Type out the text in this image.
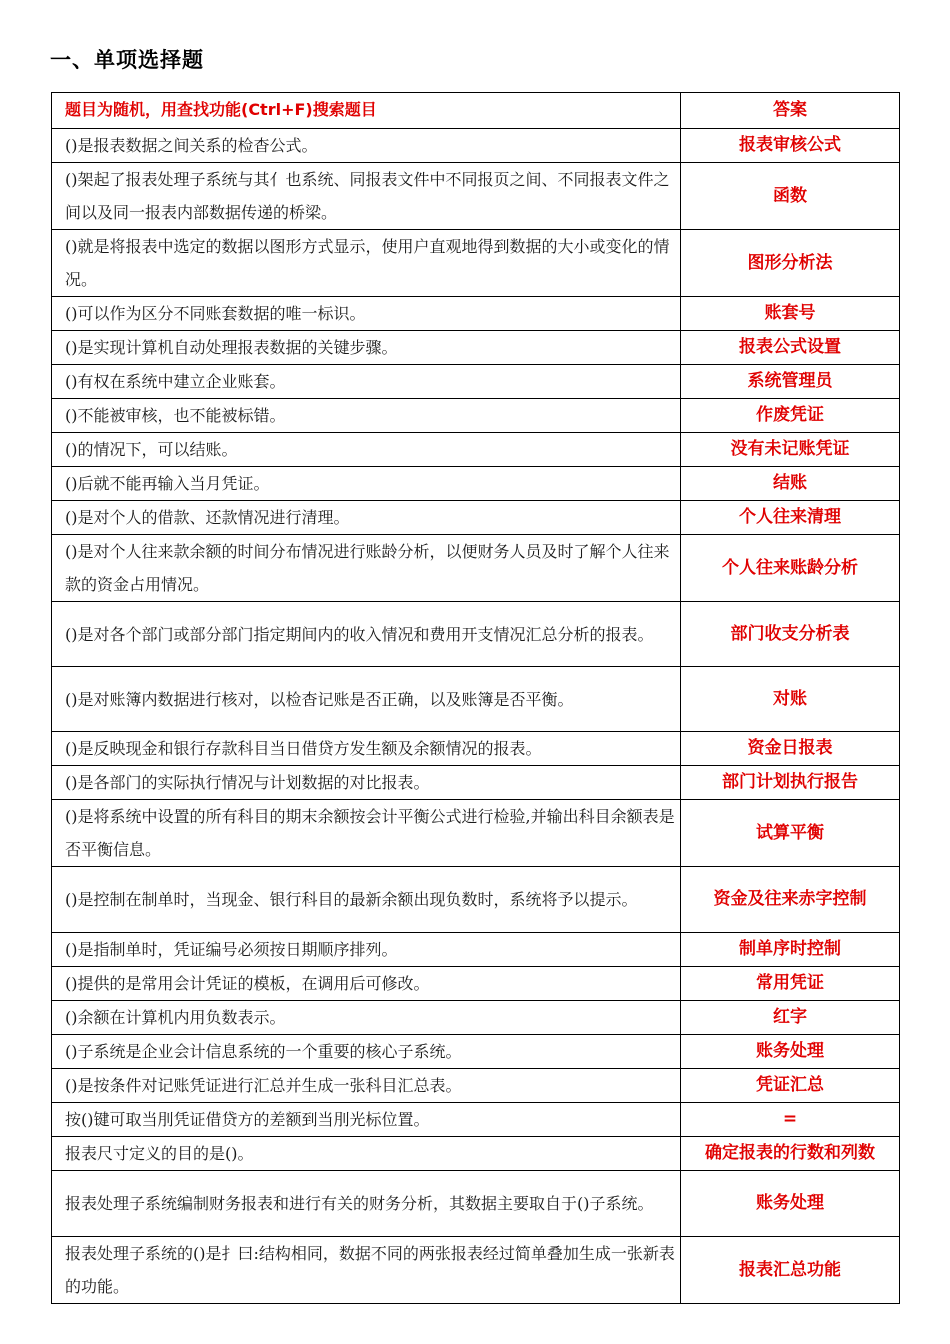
一、单项选择题
题目为随机，用查找功能(Ctrl+F)搜索题目	答案
()是报表数据之间关系的检杳公式。	报表审核公式
()架起了报表处理子系统与其亻也系统、同报表文件中不同报页之间、不同报表文件之间以及同一报表内部数据传递的桥梁。	函数
()就是将报表中选定的数据以图形方式显示，使用户直观地得到数据的大小或变化的情况。	图形分析法
()可以作为区分不同账套数据的唯一标识。	账套号
()是实现计算机自动处理报表数据的关键步骤。	报表公式设置
()有权在系统中建立企业账套。	系统管理员
()不能被审核，也不能被标错。	作废凭证
()的情况下，可以结账。	没有未记账凭证
()后就不能再输入当月凭证。	结账
()是对个人的借款、还款情况进行清理。	个人往来清理
()是对个人往来款余额的时间分布情况进行账龄分析，以便财务人员及时了解个人往来款的资金占用情况。	个人往来账龄分析
()是对各个部门或部分部门指定期间内的收入情况和费用开支情况汇总分析的报表。	部门收支分析表
()是对账簿内数据进行核对，以检杳记账是否正确，以及账簿是否平衡。	对账
()是反映现金和银行存款科目当日借贷方发生额及余额情况的报表。	资金日报表
()是各部门的实际执行情况与计划数据的对比报表。	部门计划执行报告
()是将系统中设置的所有科目的期末余额按会计平衡公式进行检验,并输出科目余额表是否平衡信息。	试算平衡
()是控制在制单时，当现金、银行科目的最新余额出现负数时，系统将予以提示。	资金及往来赤字控制
()是指制单时，凭证编号必须按日期顺序排列。	制单序时控制
()提供的是常用会计凭证的模板，在调用后可修改。	常用凭证
()余额在计算机内用负数表示。	红字
()子系统是企业会计信息系统的一个重要的核心子系统。	账务处理
()是按条件对记账凭证进行汇总并生成一张科目汇总表。	凭证汇总
按()键可取当刖凭证借贷方的差额到当刖光标位置。	=
报表尺寸定义的目的是()。	确定报表的行数和列数
报表处理子系统编制财务报表和进行有关的财务分析，其数据主要取自于()子系统。	账务处理
报表处理子系统的()是扌曰:结构相同，数据不同的两张报表经过简单叠加生成一张新表的功能。	报表汇总功能
